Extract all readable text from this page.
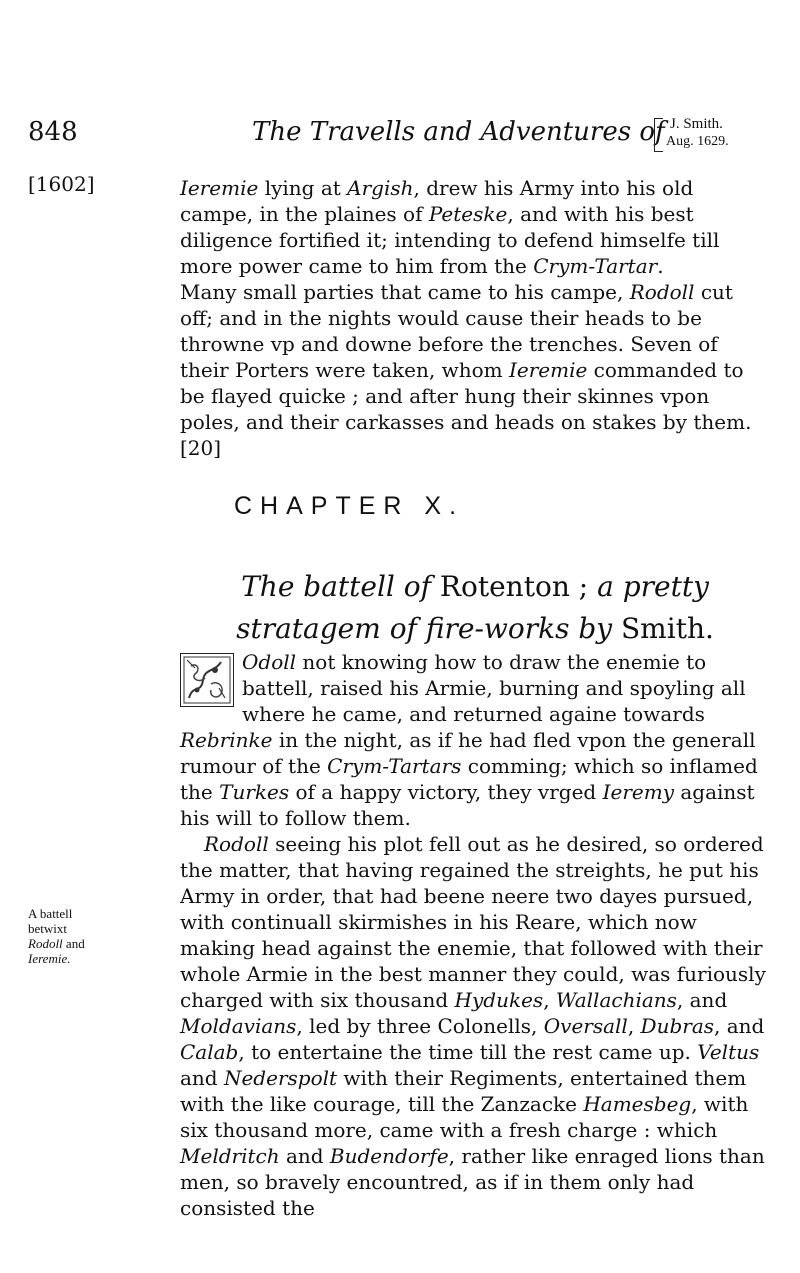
848	The Travells and Adventures of J. Smith.
Aug. 1629.
[1602]	Ieremie lying at Argish, drew his Army into his old campe, in the plaines of Peteske, and with his best diligence fortified it; intending to defend himselfe till more power came to him from the Crym-Tartar.

Many small parties that came to his campe, Rodoll cut off; and in the nights would cause their heads to be throwne vp and downe before the trenches. Seven of their Porters were taken, whom Ieremie commanded to be flayed quicke ; and after hung their skinnes vpon poles, and their carkasses and heads on stakes by them. [20]

CHAPTER X.
The battell of Rotenton ; a pretty stratagem of fire-works by Smith.

Odoll not knowing how to draw the enemie to battell, raised his Armie, burning and spoyling all where he came, and returned againe towards Rebrinke in the night, as if he had fled vpon the generall rumour of the Crym-Tartars comming; which so inflamed the Turkes of a happy victory, they vrged Ieremy against his will to follow them.

Rodoll seeing his plot fell out as he desired, so ordered the matter, that having regained the streights, he put his Army in order, that had beene neere two dayes pursued, with continuall skirmishes in his Reare, which now making head against the enemie, that followed with their whole Armie in the best manner they could, was furiously charged with six thousand Hydukes, Wallachians, and Moldavians, led by three Colonells, Oversall, Dubras, and Calab, to entertaine the time till the rest came up. Veltus and Nederspolt with their Regiments, entertained them with the like courage, till the Zanzacke Hamesbeg, with six thousand more, came with a fresh charge : which Meldritch and Budendorfe, rather like enraged lions than men, so bravely encountred, as if in them only had consisted the

A battell
betwixt
Rodoll and
Ieremie.
